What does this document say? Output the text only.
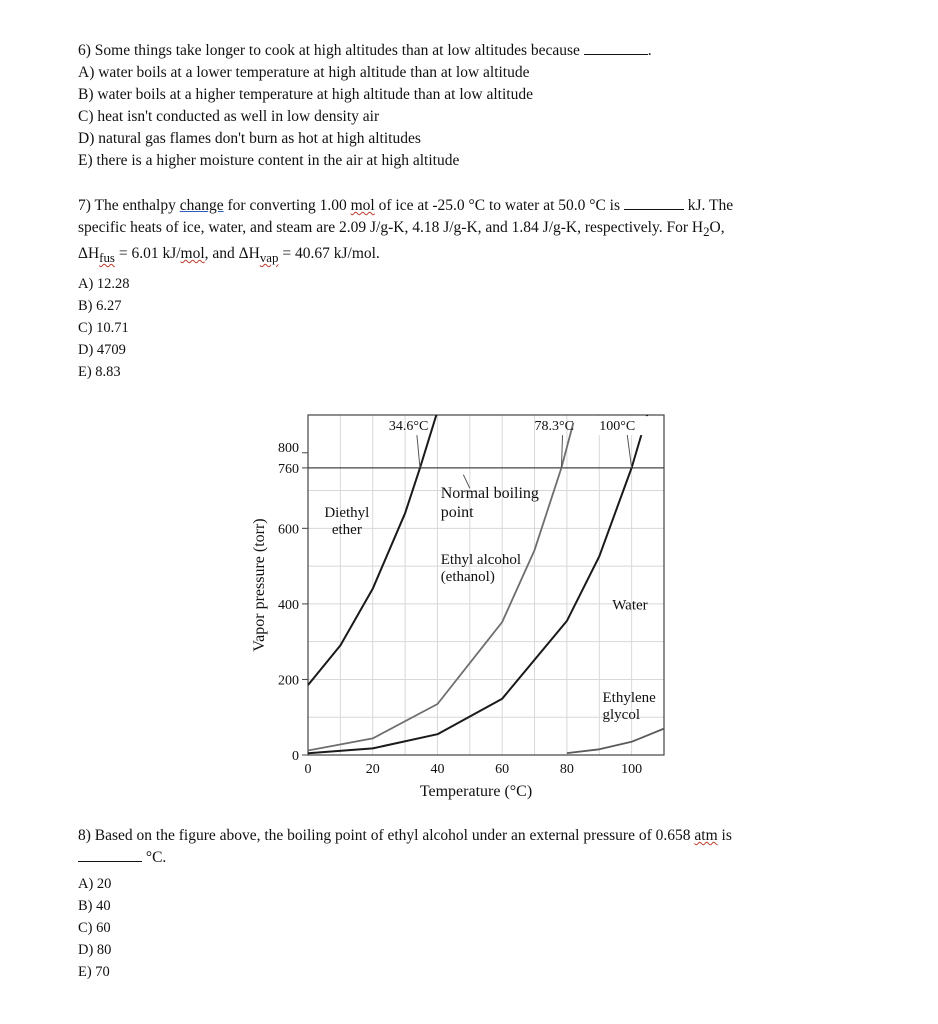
6) Some things take longer to cook at high altitudes than at low altitudes because	.
A) water boils at a lower temperature at high altitude than at low altitude
B) water boils at a higher temperature at high altitude than at low altitude
C) heat isn't conducted as well in low density air
D) natural gas flames don't burn as hot at high altitudes
E) there is a higher moisture content in the air at high altitude
7) The enthalpy change for converting 1.00 mol of ice at -25.0 °C to water at 50.0 °C is	kJ. The
specific heats of ice, water, and steam are 2.09 J/g-K, 4.18 J/g-K, and 1.84 J/g-K, respectively. For $H_2O$,
$\Delta H_{fus} = 6.01$ kJ/mol, and $\Delta H_{vap} = 40.67$ kJ/mol.
A) 12.28
B) 6.27
C) 10.71
D) 4709
E) 8.83
Diethyl
ether
Ethyl alcohol
(ethanol)
Water
Ethylene
glycol
34.6°C	78.3°C 100°C
Normal boiling
point
0
200
400
600
760
800
0	20	40	60	80	100
Temperature (°C)
Vapor pressure (torr)
8) Based on the figure above, the boiling point of ethyl alcohol under an external pressure of 0.658 atm is
°C.
A) 20
B) 40
C) 60
D) 80
E) 70
